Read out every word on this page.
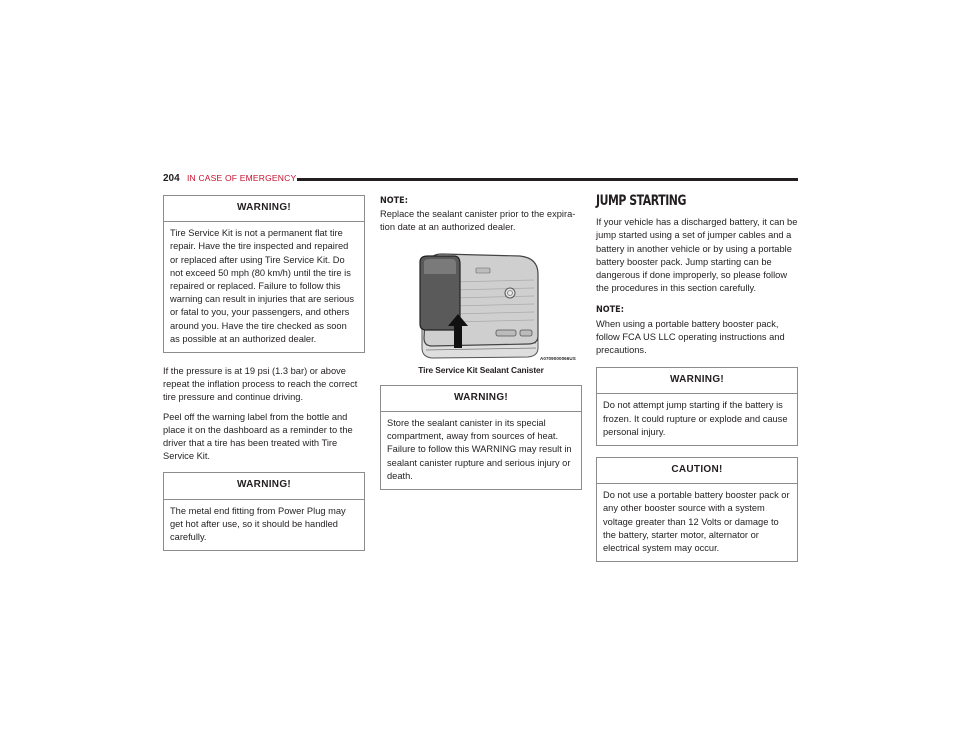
204 IN CASE OF EMERGENCY
WARNING!
Tire Service Kit is not a permanent flat tire repair. Have the tire inspected and repaired or replaced after using Tire Service Kit. Do not exceed 50 mph (80 km/h) until the tire is repaired or replaced. Failure to follow this warning can result in injuries that are serious or fatal to you, your passengers, and others around you. Have the tire checked as soon as possible at an authorized dealer.

If the pressure is at 19 psi (1.3 bar) or above repeat the inflation process to reach the correct tire pressure and continue driving.

Peel off the warning label from the bottle and place it on the dashboard as a reminder to the driver that a tire has been treated with Tire Service Kit.

WARNING!
The metal end fitting from Power Plug may get hot after use, so it should be handled carefully.
NOTE:

Replace the sealant canister prior to the expira-tion date at an authorized dealer.

A0709000066US
Tire Service Kit Sealant Canister
WARNING!
Store the sealant canister in its special compartment, away from sources of heat. Failure to follow this WARNING may result in sealant canister rupture and serious injury or death.
JUMP STARTING

If your vehicle has a discharged battery, it can be jump started using a set of jumper cables and a battery in another vehicle or by using a portable battery booster pack. Jump starting can be dangerous if done improperly, so please follow the procedures in this section carefully.

NOTE:

When using a portable battery booster pack, follow FCA US LLC operating instructions and precautions.

WARNING!
Do not attempt jump starting if the battery is frozen. It could rupture or explode and cause personal injury.
CAUTION!
Do not use a portable battery booster pack or any other booster source with a system voltage greater than 12 Volts or damage to the battery, starter motor, alternator or electrical system may occur.
